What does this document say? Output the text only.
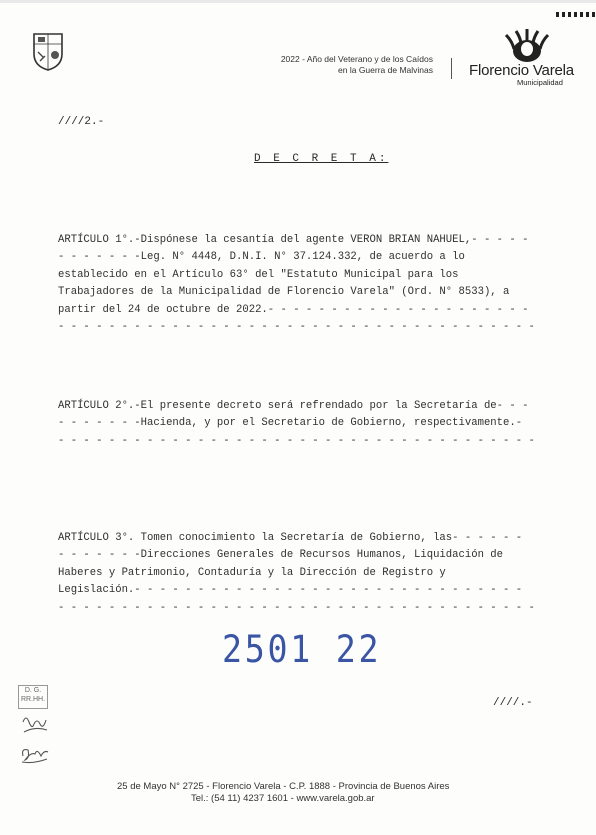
2022 - Año del Veterano y de los Caídos
en la Guerra de Malvinas Florencio Varela
Municipalidad
////2.-
D E C R E T A:

ARTÍCULO 1°.-Dispónese la cesantía del agente VERON BRIAN NAHUEL,- - - - -

- - - - - - -Leg. N° 4448, D.N.I. N° 37.124.332, de acuerdo a lo

establecido en el Artículo 63° del "Estatuto Municipal para los

Trabajadores de la Municipalidad de Florencio Varela" (Ord. N° 8533), a

partir del 24 de octubre de 2022.- - - - - - - - - - - - - - - - - - - - -

- - - - - - - - - - - - - - - - - - - - - - - - - - - - - - - - - - - - - -

ARTÍCULO 2°.-El presente decreto será refrendado por la Secretaría de- - -

- - - - - - -Hacienda, y por el Secretario de Gobierno, respectivamente.-

- - - - - - - - - - - - - - - - - - - - - - - - - - - - - - - - - - - - - -

ARTÍCULO 3°. Tomen conocimiento la Secretaría de Gobierno, las- - - - - -

- - - - - - -Direcciones Generales de Recursos Humanos, Liquidación de

Haberes y Patrimonio, Contaduría y la Dirección de Registro y

Legislación.- - - - - - - - - - - - - - - - - - - - - - - - - - - - - - -

- - - - - - - - - - - - - - - - - - - - - - - - - - - - - - - - - - - - - -

2501 22
////.-
D. G. RR.HH.
25 de Mayo N° 2725 - Florencio Varela - C.P. 1888 - Provincia de Buenos Aires
Tel.: (54 11) 4237 1601 - www.varela.gob.ar
